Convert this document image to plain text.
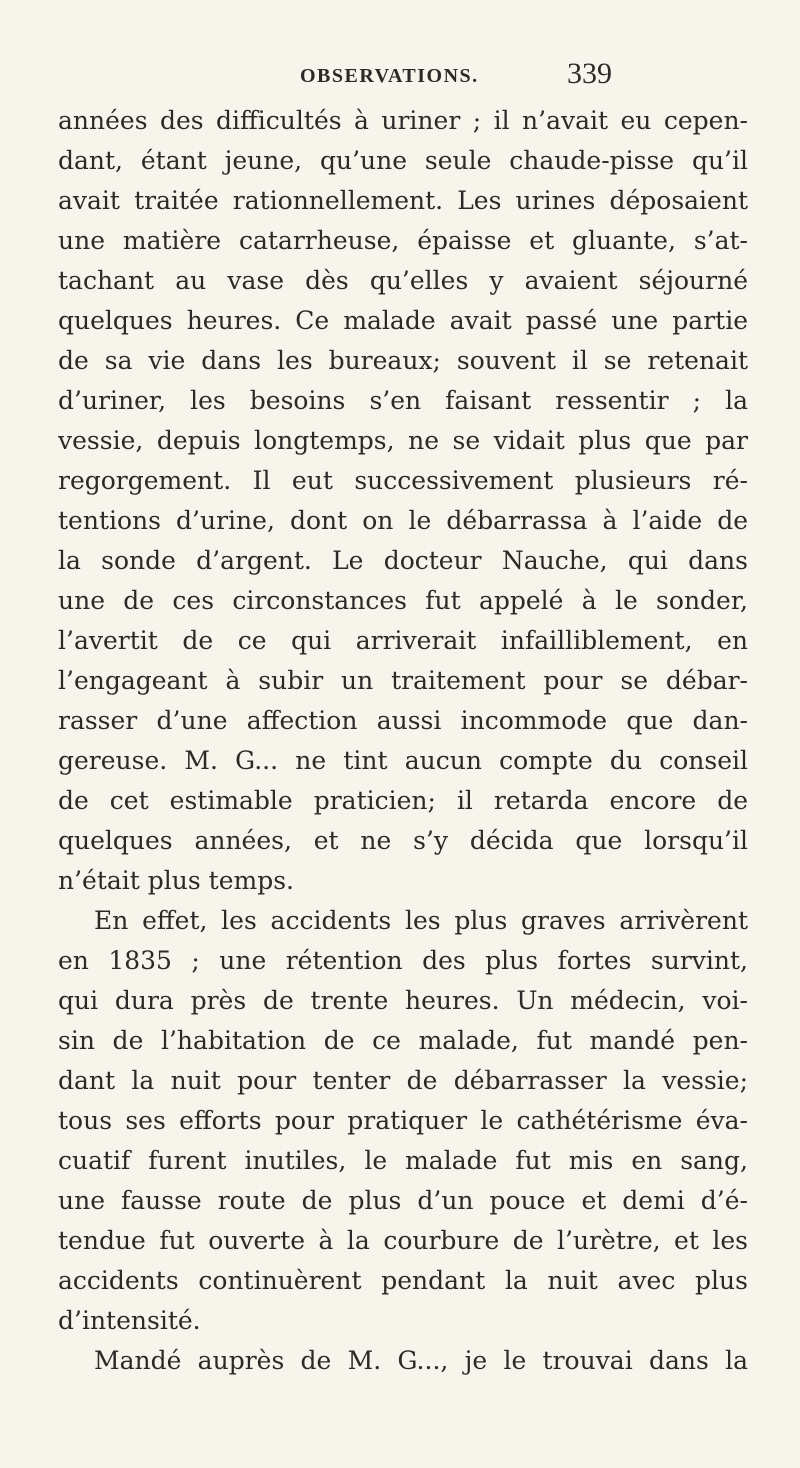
OBSERVATIONS.	339
années des difficultés à uriner ; il n’avait eu cepen-
dant, étant jeune, qu’une seule chaude-pisse qu’il
avait traitée rationnellement. Les urines déposaient
une matière catarrheuse, épaisse et gluante, s’at-
tachant au vase dès qu’elles y avaient séjourné
quelques heures. Ce malade avait passé une partie
de sa vie dans les bureaux; souvent il se retenait
d’uriner, les besoins s’en faisant ressentir ; la
vessie, depuis longtemps, ne se vidait plus que par
regorgement. Il eut successivement plusieurs ré-
tentions d’urine, dont on le débarrassa à l’aide de
la sonde d’argent. Le docteur Nauche, qui dans
une de ces circonstances fut appelé à le sonder,
l’avertit de ce qui arriverait infailliblement, en
l’engageant à subir un traitement pour se débar-
rasser d’une affection aussi incommode que dan-
gereuse. M. G... ne tint aucun compte du conseil
de cet estimable praticien; il retarda encore de
quelques années, et ne s’y décida que lorsqu’il
n’était plus temps.
En effet, les accidents les plus graves arrivèrent
en 1835 ; une rétention des plus fortes survint,
qui dura près de trente heures. Un médecin, voi-
sin de l’habitation de ce malade, fut mandé pen-
dant la nuit pour tenter de débarrasser la vessie;
tous ses efforts pour pratiquer le cathétérisme éva-
cuatif furent inutiles, le malade fut mis en sang,
une fausse route de plus d’un pouce et demi d’é-
tendue fut ouverte à la courbure de l’urètre, et les
accidents continuèrent pendant la nuit avec plus
d’intensité.
Mandé auprès de M. G..., je le trouvai dans la
